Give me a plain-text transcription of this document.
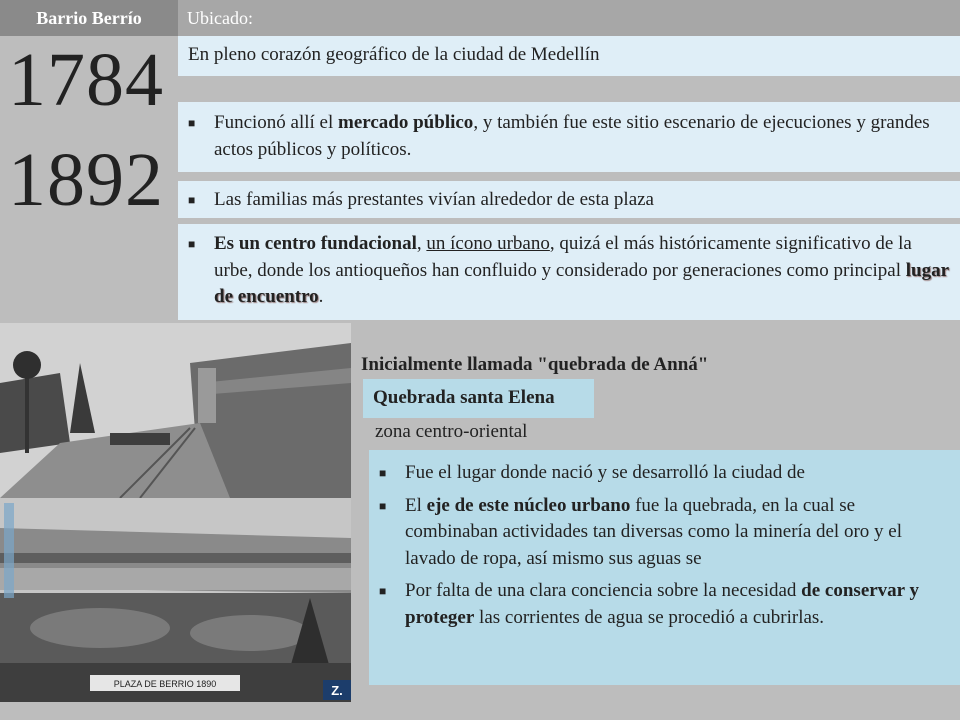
Barrio Berrío	Ubicado:
1784
1892
En pleno corazón geográfico de la ciudad de Medellín
■ Funcionó allí el mercado público, y también fue este sitio escenario de ejecuciones y grandes actos públicos y políticos.
■ Las familias más prestantes vivían alrededor de esta plaza
■ Es un centro fundacional, un ícono urbano, quizá el más históricamente significativo de la urbe, donde los antioqueños han confluido y considerado por generaciones como principal lugar de encuentro.
PLAZA DE BERRIO 1890	Z.
Inicialmente llamada "quebrada de Anná"
Quebrada santa Elena
zona centro-oriental
■ Fue el lugar donde nació y se desarrolló la ciudad de
■ El eje de este núcleo urbano fue la quebrada, en la cual se combinaban actividades tan diversas como la minería del oro y el lavado de ropa, así mismo sus aguas se
■ Por falta de una clara conciencia sobre la necesidad de conservar y proteger las corrientes de agua se procedió a cubrirlas.
